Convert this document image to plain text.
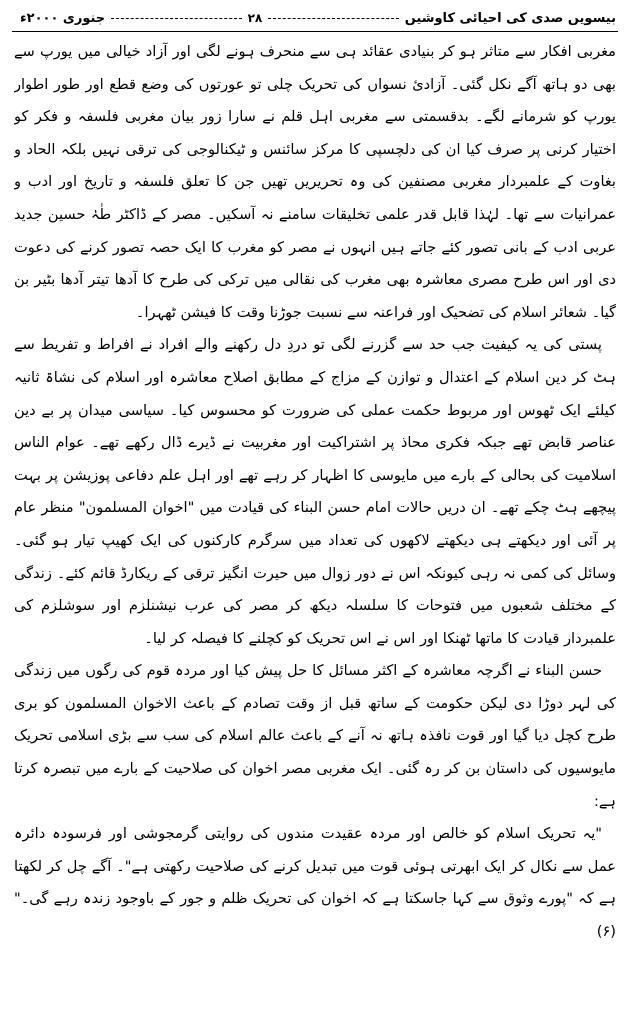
بیسویں صدی کی احیائی کاوشیں
۲۸
جنوری ۲۰۰۰ء

مغربی افکار سے متاثر ہو کر بنیادی عقائد ہی سے منحرف ہونے لگی اور آزاد خیالی میں یورپ سے بھی دو ہاتھ آگے نکل گئی۔ آزادیٔ نسواں کی تحریک چلی تو عورتوں کی وضع قطع اور طور اطوار یورپ کو شرمانے لگے۔ بدقسمتی سے مغربی اہل قلم نے سارا زور بیان مغربی فلسفہ و فکر کو اختیار کرنی پر صرف کیا ان کی دلچسپی کا مرکز سائنس و ٹیکنالوجی کی ترقی نہیں بلکہ الحاد و بغاوت کے علمبردار مغربی مصنفین کی وہ تحریریں تھیں جن کا تعلق فلسفہ و تاریخ اور ادب و عمرانیات سے تھا۔ لہٰذا قابل قدر علمی تخلیقات سامنے نہ آسکیں۔ مصر کے ڈاکٹر طٰہٰ حسین جدید عربی ادب کے بانی تصور کئے جاتے ہیں انہوں نے مصر کو مغرب کا ایک حصہ تصور کرنے کی دعوت دی اور اس طرح مصری معاشرہ بھی مغرب کی نقالی میں ترکی کی طرح کا آدھا تیتر آدھا بٹیر بن گیا۔ شعائر اسلام کی تضحیک اور فراعنہ سے نسبت جوڑنا وقت کا فیشن ٹھہرا۔

پستی کی یہ کیفیت جب حد سے گزرنے لگی تو دردِ دل رکھنے والے افراد نے افراط و تفریط سے ہٹ کر دین اسلام کے اعتدال و توازن کے مزاج کے مطابق اصلاح معاشرہ اور اسلام کی نشاۃ ثانیہ کیلئے ایک ٹھوس اور مربوط حکمت عملی کی ضرورت کو محسوس کیا۔ سیاسی میدان پر بے دین عناصر قابض تھے جبکہ فکری محاذ پر اشتراکیت اور مغربیت نے ڈیرے ڈال رکھے تھے۔ عوام الناس اسلامیت کی بحالی کے بارے میں مایوسی کا اظہار کر رہے تھے اور اہل علم دفاعی پوزیشن پر بہت پیچھے ہٹ چکے تھے۔ ان دریں حالات امام حسن البناء کی قیادت میں "اخوان المسلمون" منظر عام پر آئی اور دیکھتے ہی دیکھتے لاکھوں کی تعداد میں سرگرم کارکنوں کی ایک کھیپ تیار ہو گئی۔ وسائل کی کمی نہ رہی کیونکہ اس نے دور زوال میں حیرت انگیز ترقی کے ریکارڈ قائم کئے۔ زندگی کے مختلف شعبوں میں فتوحات کا سلسلہ دیکھ کر مصر کی عرب نیشنلزم اور سوشلزم کی علمبردار قیادت کا ماتھا ٹھنکا اور اس نے اس تحریک کو کچلنے کا فیصلہ کر لیا۔

حسن البناء نے اگرچہ معاشرہ کے اکثر مسائل کا حل پیش کیا اور مردہ قوم کی رگوں میں زندگی کی لہر دوڑا دی لیکن حکومت کے ساتھ قبل از وقت تصادم کے باعث الاخوان المسلمون کو بری طرح کچل دیا گیا اور قوت نافذہ ہاتھ نہ آنے کے باعث عالم اسلام کی سب سے بڑی اسلامی تحریک مایوسیوں کی داستان بن کر رہ گئی۔ ایک مغربی مصر اخوان کی صلاحیت کے بارے میں تبصرہ کرتا ہے:

"یہ تحریک اسلام کو خالص اور مردہ عقیدت مندوں کی روایتی گرمجوشی اور فرسودہ دائرہ عمل سے نکال کر ایک ابھرتی ہوئی قوت میں تبدیل کرنے کی صلاحیت رکھتی ہے"۔ آگے چل کر لکھتا ہے کہ "پورے وثوق سے کہا جاسکتا ہے کہ اخوان کی تحریک ظلم و جور کے باوجود زندہ رہے گی۔" (۶)
